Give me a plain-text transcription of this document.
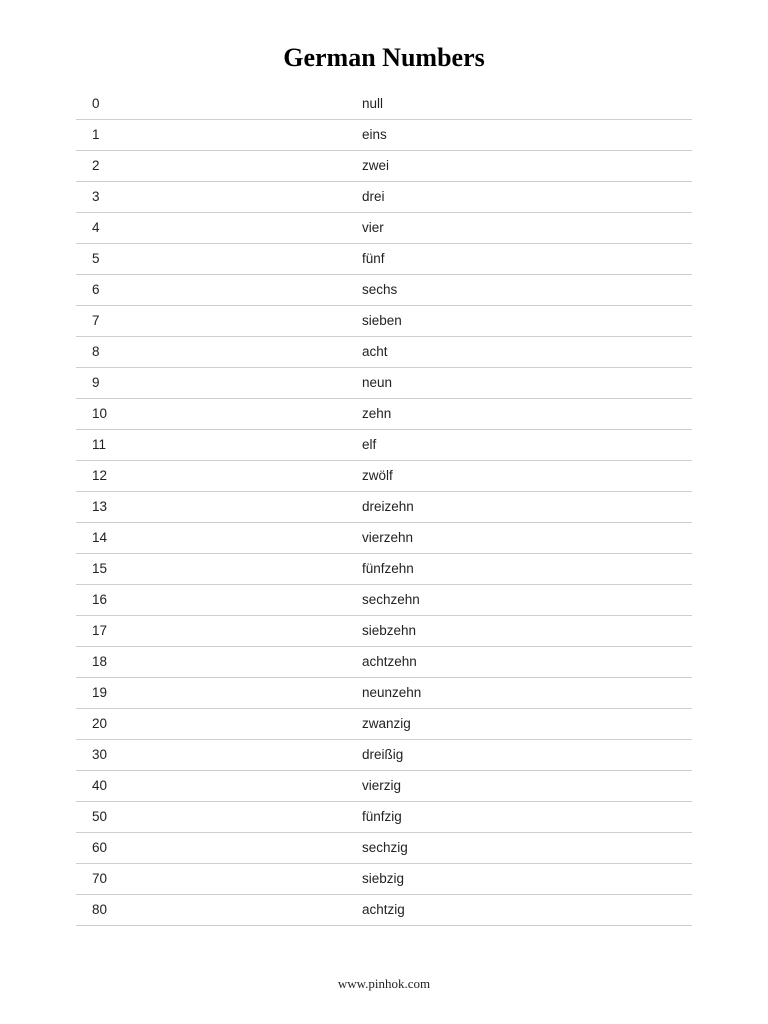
German Numbers
0	null
1	eins
2	zwei
3	drei
4	vier
5	fünf
6	sechs
7	sieben
8	acht
9	neun
10	zehn
11	elf
12	zwölf
13	dreizehn
14	vierzehn
15	fünfzehn
16	sechzehn
17	siebzehn
18	achtzehn
19	neunzehn
20	zwanzig
30	dreißig
40	vierzig
50	fünfzig
60	sechzig
70	siebzig
80	achtzig
www.pinhok.com
